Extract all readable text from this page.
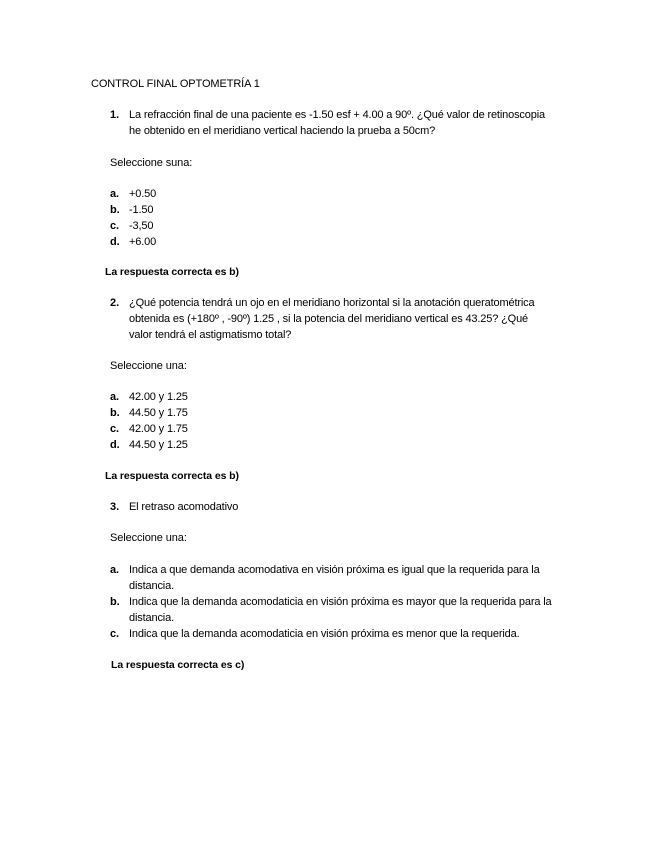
CONTROL FINAL OPTOMETRÍA 1
1. La refracción final de una paciente es -1.50 esf + 4.00 a 90º. ¿Qué valor de retinoscopia he obtenido en el meridiano vertical haciendo la prueba a 50cm?
Seleccione suna:
a. +0.50
b. -1.50
c. -3,50
d. +6.00
La respuesta correcta es b)
2. ¿Qué potencia tendrá un ojo en el meridiano horizontal si la anotación queratométrica obtenida es (+180º , -90º) 1.25 , si la potencia del meridiano vertical es 43.25? ¿Qué valor tendrá el astigmatismo total?
Seleccione una:
a. 42.00 y 1.25
b. 44.50 y 1.75
c. 42.00 y 1.75
d. 44.50 y 1.25
La respuesta correcta es b)
3. El retraso acomodativo
Seleccione una:
a. Indica a que demanda acomodativa en visión próxima es igual que la requerida para la distancia.
b. Indica que la demanda acomodaticia en visión próxima es mayor que la requerida para la distancia.
c. Indica que la demanda acomodaticia en visión próxima es menor que la requerida.
La respuesta correcta es c)
